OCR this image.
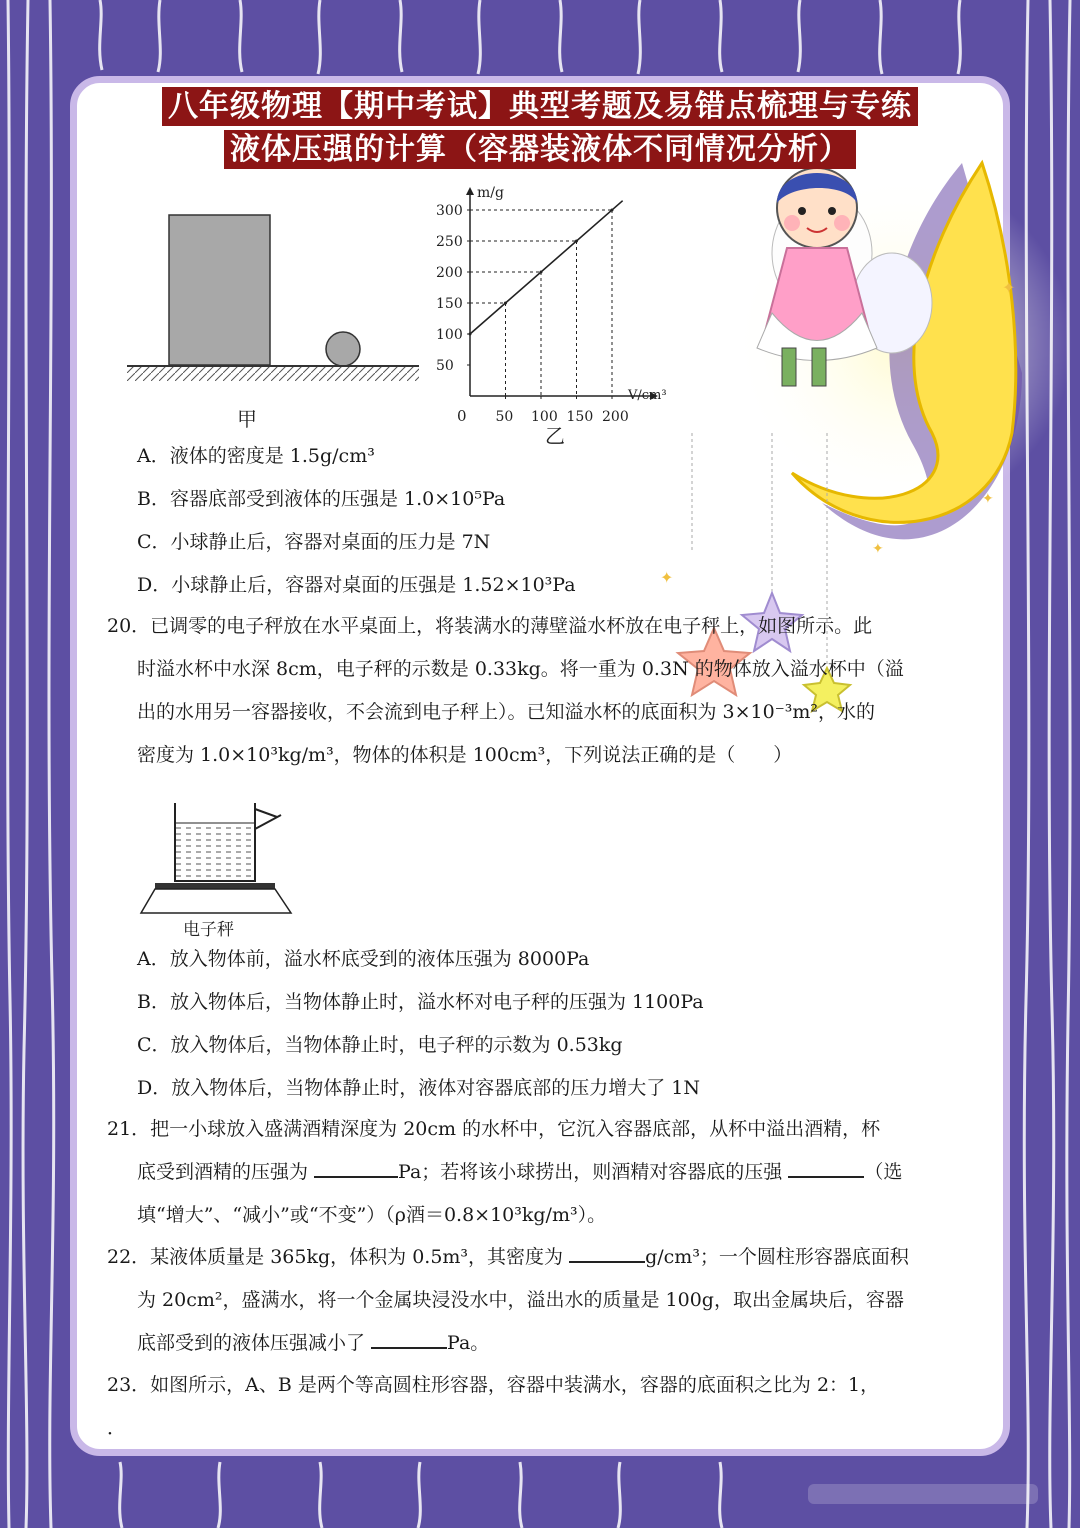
✦
✦
✦
✦
八年级物理【期中考试】典型考题及易错点梳理与专练
液体压强的计算（容器装液体不同情况分析）
甲
m/g
V/cm³
0
乙
50
100
150
200
250
300
50 100 150 200
A．液体的密度是 1.5g/cm³
B．容器底部受到液体的压强是 1.0×10⁵Pa
C．小球静止后，容器对桌面的压力是 7N
D．小球静止后，容器对桌面的压强是 1.52×10³Pa
20．已调零的电子秤放在水平桌面上，将装满水的薄壁溢水杯放在电子秤上，如图所示。此
时溢水杯中水深 8cm，电子秤的示数是 0.33kg。将一重为 0.3N 的物体放入溢水杯中（溢
出的水用另一容器接收，不会流到电子秤上）。已知溢水杯的底面积为 3×10⁻³m²，水的
密度为 1.0×10³kg/m³，物体的体积是 100cm³，下列说法正确的是（　　）
电子秤
A．放入物体前，溢水杯底受到的液体压强为 8000Pa
B．放入物体后，当物体静止时，溢水杯对电子秤的压强为 1100Pa
C．放入物体后，当物体静止时，电子秤的示数为 0.53kg
D．放入物体后，当物体静止时，液体对容器底部的压力增大了 1N
21．把一小球放入盛满酒精深度为 20cm 的水杯中，它沉入容器底部，从杯中溢出酒精，杯
底受到酒精的压强为	Pa；若将该小球捞出，则酒精对容器底的压强	（选
填“增大”、“减小”或“不变”）（ρ酒＝0.8×10³kg/m³）。
22．某液体质量是 365kg，体积为 0.5m³，其密度为	g/cm³；一个圆柱形容器底面积
为 20cm²，盛满水，将一个金属块浸没水中，溢出水的质量是 100g，取出金属块后，容器
底部受到的液体压强减小了	Pa。
23．如图所示，A、B 是两个等高圆柱形容器，容器中装满水，容器的底面积之比为 2：1，
．
